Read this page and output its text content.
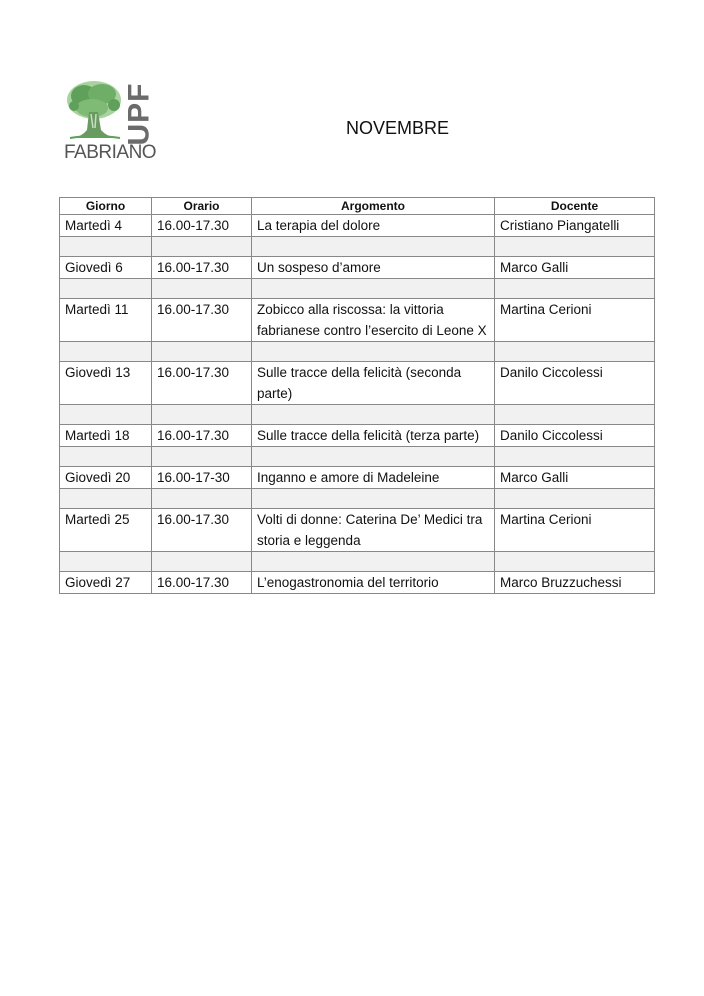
UPF
FABRIANO
NOVEMBRE
Giorno	Orario	Argomento	Docente
Martedì 4	16.00-17.30	La terapia del dolore	Cristiano Piangatelli

Giovedì 6	16.00-17.30	Un sospeso d’amore	Marco Galli

Martedì 11	16.00-17.30	Zobicco alla riscossa: la vittoria fabrianese contro l’esercito di Leone X	Martina Cerioni

Giovedì 13	16.00-17.30	Sulle tracce della felicità (seconda parte)	Danilo Ciccolessi

Martedì 18	16.00-17.30	Sulle tracce della felicità (terza parte)	Danilo Ciccolessi

Giovedì 20	16.00-17-30	Inganno e amore di Madeleine	Marco Galli

Martedì 25	16.00-17.30	Volti di donne: Caterina De’ Medici tra storia e leggenda	Martina Cerioni

Giovedì 27	16.00-17.30	L’enogastronomia del territorio	Marco Bruzzuchessi
